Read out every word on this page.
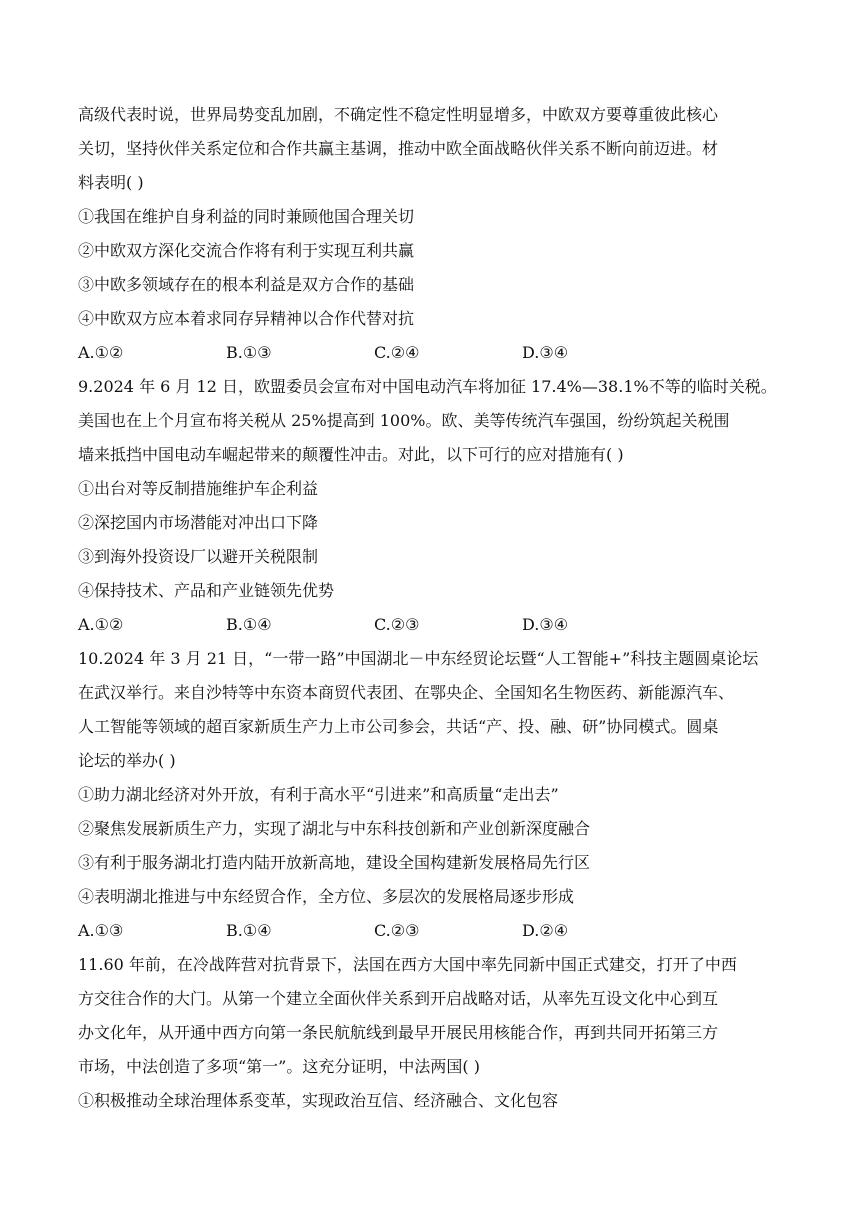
高级代表时说，世界局势变乱加剧，不确定性不稳定性明显增多，中欧双方要尊重彼此核心
关切，坚持伙伴关系定位和合作共赢主基调，推动中欧全面战略伙伴关系不断向前迈进。材
料表明( )
①我国在维护自身利益的同时兼顾他国合理关切
②中欧双方深化交流合作将有利于实现互利共赢
③中欧多领域存在的根本利益是双方合作的基础
④中欧双方应本着求同存异精神以合作代替对抗
A.①②	B.①③	C.②④	D.③④
9.2024 年 6 月 12 日，欧盟委员会宣布对中国电动汽车将加征 17.4%—38.1%不等的临时关税。
美国也在上个月宣布将关税从 25%提高到 100%。欧、美等传统汽车强国，纷纷筑起关税围
墙来抵挡中国电动车崛起带来的颠覆性冲击。对此，以下可行的应对措施有( )
①出台对等反制措施维护车企利益
②深挖国内市场潜能对冲出口下降
③到海外投资设厂以避开关税限制
④保持技术、产品和产业链领先优势
A.①②	B.①④	C.②③	D.③④
10.2024 年 3 月 21 日，“一带一路”中国湖北－中东经贸论坛暨“人工智能+”科技主题圆桌论坛
在武汉举行。来自沙特等中东资本商贸代表团、在鄂央企、全国知名生物医药、新能源汽车、
人工智能等领域的超百家新质生产力上市公司参会，共话“产、投、融、研”协同模式。圆桌
论坛的举办( )
①助力湖北经济对外开放，有利于高水平“引进来”和高质量“走出去”
②聚焦发展新质生产力，实现了湖北与中东科技创新和产业创新深度融合
③有利于服务湖北打造内陆开放新高地，建设全国构建新发展格局先行区
④表明湖北推进与中东经贸合作，全方位、多层次的发展格局逐步形成
A.①③	B.①④	C.②③	D.②④
11.60 年前，在冷战阵营对抗背景下，法国在西方大国中率先同新中国正式建交，打开了中西
方交往合作的大门。从第一个建立全面伙伴关系到开启战略对话，从率先互设文化中心到互
办文化年，从开通中西方向第一条民航航线到最早开展民用核能合作，再到共同开拓第三方
市场，中法创造了多项“第一”。这充分证明，中法两国( )
①积极推动全球治理体系变革，实现政治互信、经济融合、文化包容
